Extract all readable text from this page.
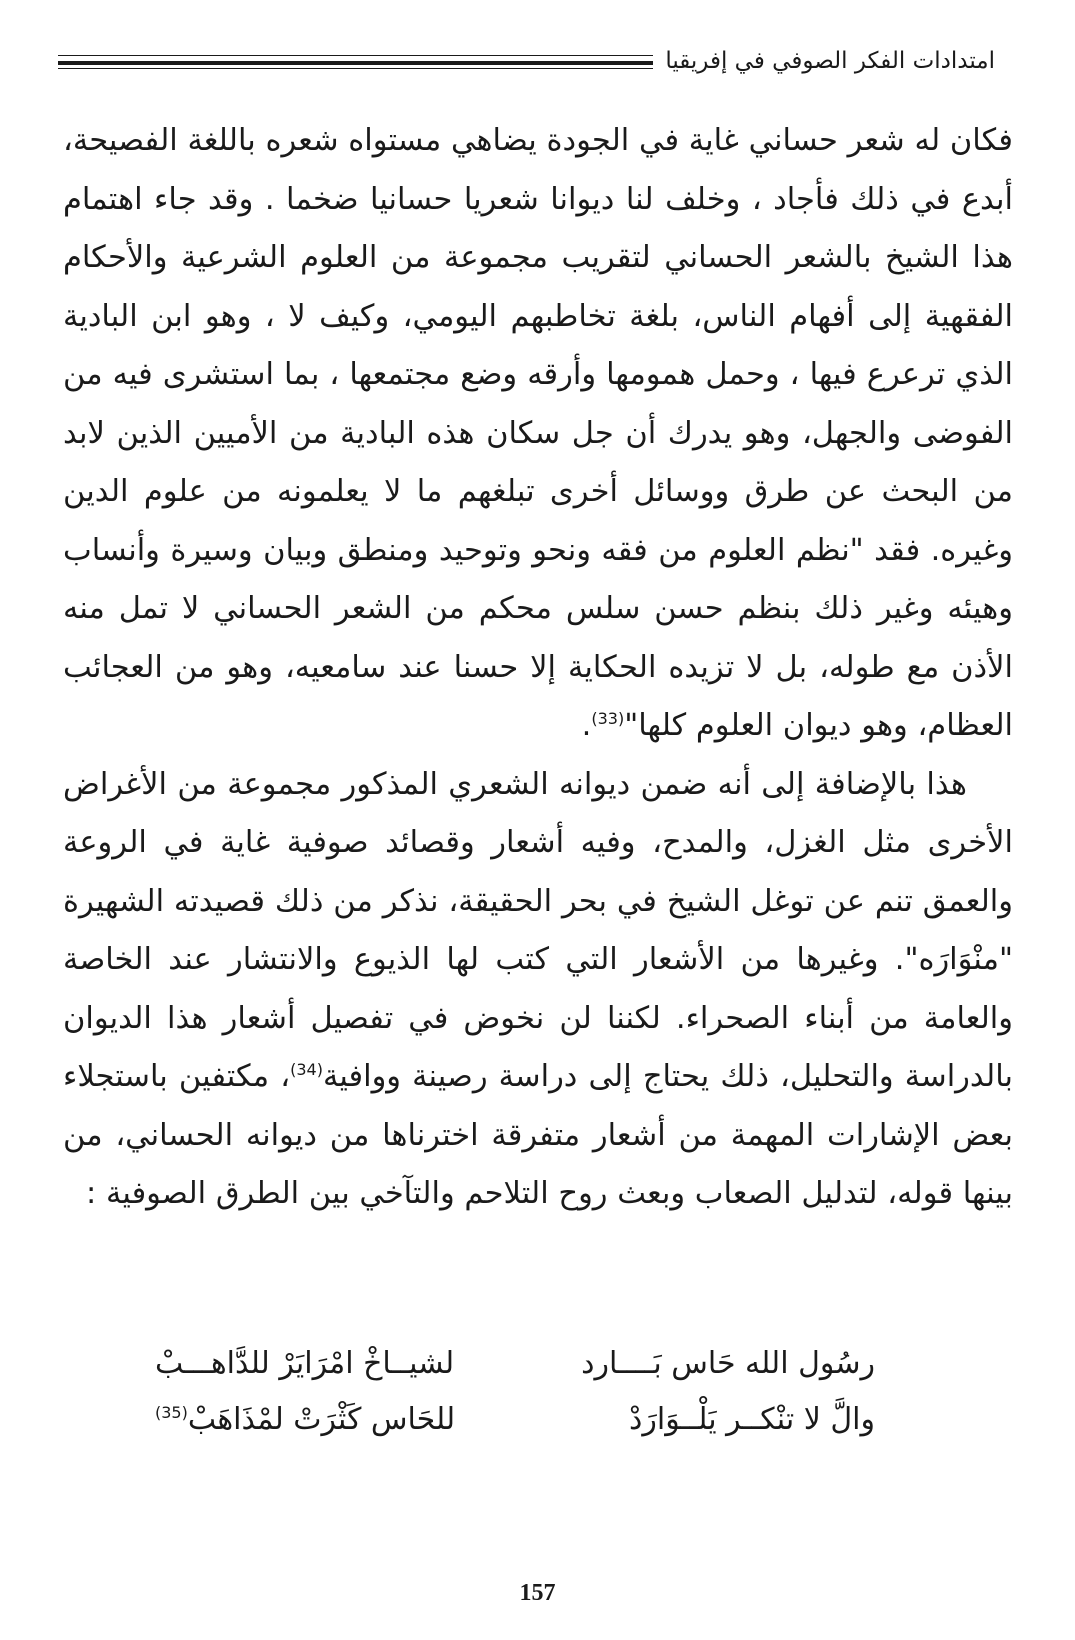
امتدادات الفكر الصوفي في إفريقيا

فكان له شعر حساني غاية في الجودة يضاهي مستواه شعره باللغة الفصيحة، أبدع في ذلك فأجاد ، وخلف لنا ديوانا شعريا حسانيا ضخما . وقد جاء اهتمام هذا الشيخ بالشعر الحساني لتقريب مجموعة من العلوم الشرعية والأحكام الفقهية إلى أفهام الناس، بلغة تخاطبهم اليومي، وكيف لا ، وهو ابن البادية الذي ترعرع فيها ، وحمل همومها وأرقه وضع مجتمعها ، بما استشرى فيه من الفوضى والجهل، وهو يدرك أن جل سكان هذه البادية من الأميين الذين لابد من البحث عن طرق ووسائل أخرى تبلغهم ما لا يعلمونه من علوم الدين وغيره. فقد "نظم العلوم من فقه ونحو وتوحيد ومنطق وبيان وسيرة وأنساب وهيئه وغير ذلك بنظم حسن سلس محكم من الشعر الحساني لا تمل منه الأذن مع طوله، بل لا تزيده الحكاية إلا حسنا عند سامعيه، وهو من العجائب العظام، وهو ديوان العلوم كلها"$^{(33)}$.

هذا بالإضافة إلى أنه ضمن ديوانه الشعري المذكور مجموعة من الأغراض الأخرى مثل الغزل، والمدح، وفيه أشعار وقصائد صوفية غاية في الروعة والعمق تنم عن توغل الشيخ في بحر الحقيقة، نذكر من ذلك قصيدته الشهيرة "منْوَارَه". وغيرها من الأشعار التي كتب لها الذيوع والانتشار عند الخاصة والعامة من أبناء الصحراء. لكننا لن نخوض في تفصيل أشعار هذا الديوان بالدراسة والتحليل، ذلك يحتاج إلى دراسة رصينة ووافية$^{(34)}$، مكتفين باستجلاء بعض الإشارات المهمة من أشعار متفرقة اخترناها من ديوانه الحساني، من بينها قوله، لتدليل الصعاب وبعث روح التلاحم والتآخي بين الطرق الصوفية :

رسُول الله حَاس بَــــارد
لشيــاخْ امْرَايَرْ للدَّاهـــبْ
والَّ لا تنْكــر يَلْــوَارَدْ
للحَاس كَثْرَتْ لمْذَاهَبْ$^{(35)}$
157
